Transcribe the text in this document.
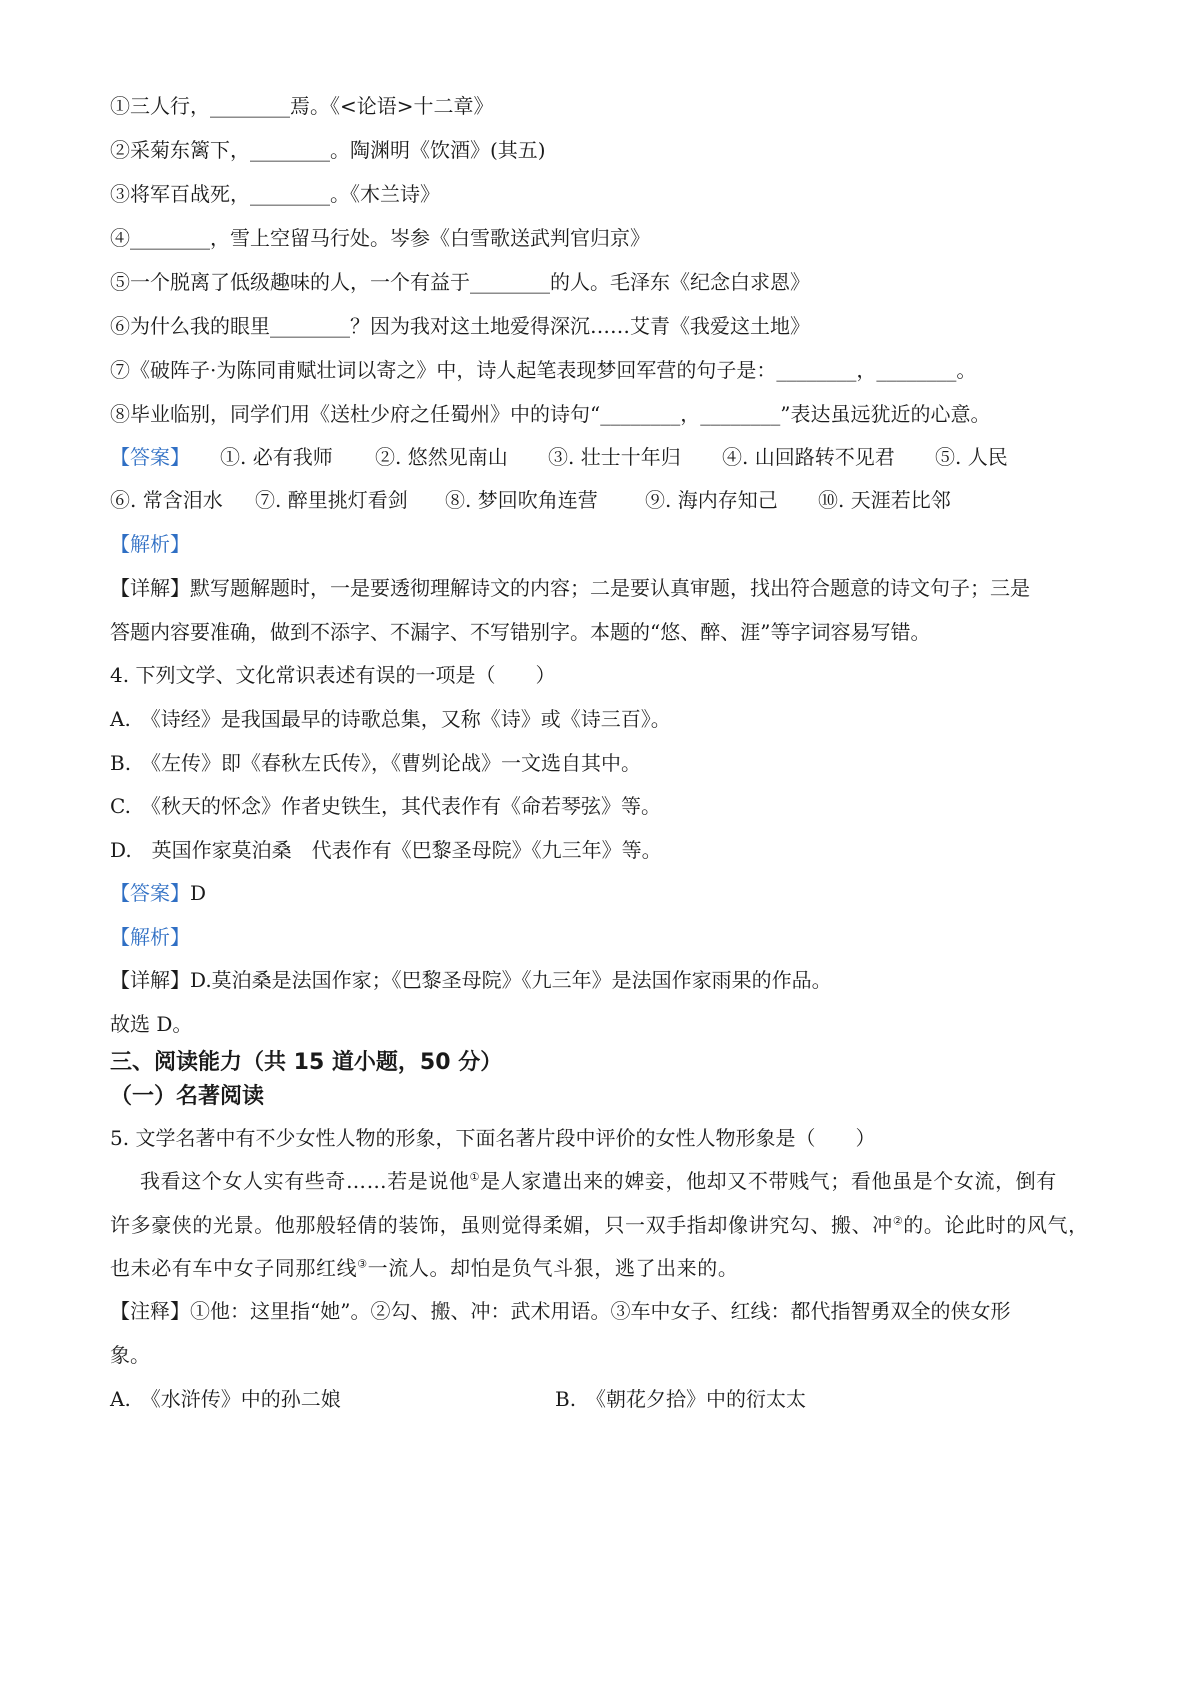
①三人行，________焉。《<论语>十二章》
②采菊东篱下，________。陶渊明《饮酒》(其五)
③将军百战死，________。《木兰诗》
④________，雪上空留马行处。岑参《白雪歌送武判官归京》
⑤一个脱离了低级趣味的人，一个有益于________的人。毛泽东《纪念白求恩》
⑥为什么我的眼里________？因为我对这土地爱得深沉……艾青《我爱这土地》
⑦《破阵子·为陈同甫赋壮词以寄之》中，诗人起笔表现梦回军营的句子是：________，________。
⑧毕业临别，同学们用《送杜少府之任蜀州》中的诗句“________，________”表达虽远犹近的心意。
【答案】 ①. 必有我师 ②. 悠然见南山 ③. 壮士十年归 ④. 山回路转不见君 ⑤. 人民
⑥. 常含泪水 ⑦. 醉里挑灯看剑 ⑧. 梦回吹角连营 ⑨. 海内存知己 ⑩. 天涯若比邻
【解析】
【详解】默写题解题时，一是要透彻理解诗文的内容；二是要认真审题，找出符合题意的诗文句子；三是
答题内容要准确，做到不添字、不漏字、不写错别字。本题的“悠、醉、涯”等字词容易写错。
4. 下列文学、文化常识表述有误的一项是（　　）
A.　《诗经》是我国最早的诗歌总集，又称《诗》或《诗三百》。
B.　《左传》即《春秋左氏传》，《曹刿论战》一文选自其中。
C.　《秋天的怀念》作者史铁生，其代表作有《命若琴弦》等。
D.　英国作家莫泊桑　代表作有《巴黎圣母院》《九三年》等。
【答案】D
【解析】
【详解】D.莫泊桑是法国作家；《巴黎圣母院》《九三年》是法国作家雨果的作品。
故选 D。
三、阅读能力（共 15 道小题，50 分）
（一）名著阅读
5. 文学名著中有不少女性人物的形象，下面名著片段中评价的女性人物形象是（　　）
我看这个女人实有些奇……若是说他①是人家遣出来的婢妾，他却又不带贱气；看他虽是个女流，倒有
许多豪侠的光景。他那般轻倩的装饰，虽则觉得柔媚，只一双手指却像讲究勾、搬、冲②的。论此时的风气，
也未必有车中女子同那红线③一流人。却怕是负气斗狠，逃了出来的。
【注释】①他：这里指“她”。②勾、搬、冲：武术用语。③车中女子、红线：都代指智勇双全的侠女形
象。
A.　《水浒传》中的孙二娘	B.　《朝花夕拾》中的衍太太
